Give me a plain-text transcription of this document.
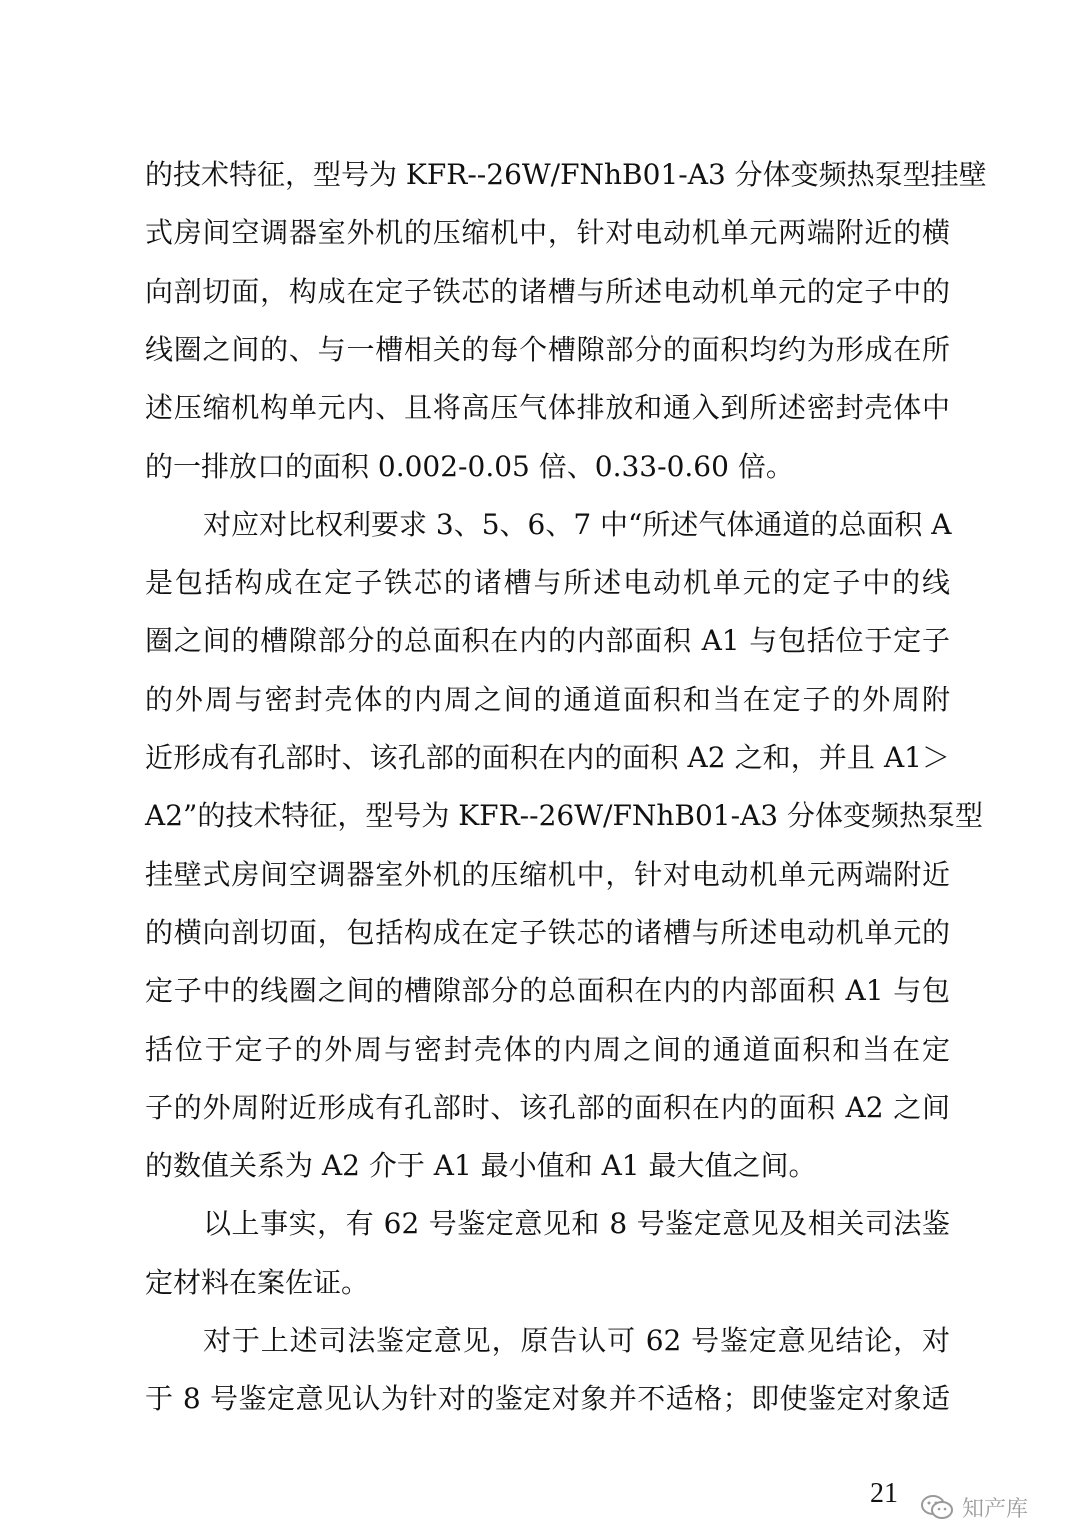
的技术特征，型号为 KFR--26W/FNhB01-A3 分体变频热泵型挂壁
式房间空调器室外机的压缩机中，针对电动机单元两端附近的横
向剖切面，构成在定子铁芯的诸槽与所述电动机单元的定子中的
线圈之间的、与一槽相关的每个槽隙部分的面积均约为形成在所
述压缩机构单元内、且将高压气体排放和通入到所述密封壳体中
的一排放口的面积 0.002-0.05 倍、0.33-0.60 倍。
对应对比权利要求 3、5、6、7 中“所述气体通道的总面积 A
是包括构成在定子铁芯的诸槽与所述电动机单元的定子中的线
圈之间的槽隙部分的总面积在内的内部面积 A1 与包括位于定子
的外周与密封壳体的内周之间的通道面积和当在定子的外周附
近形成有孔部时、该孔部的面积在内的面积 A2 之和，并且 A1＞
A2”的技术特征，型号为 KFR--26W/FNhB01-A3 分体变频热泵型
挂壁式房间空调器室外机的压缩机中，针对电动机单元两端附近
的横向剖切面，包括构成在定子铁芯的诸槽与所述电动机单元的
定子中的线圈之间的槽隙部分的总面积在内的内部面积 A1 与包
括位于定子的外周与密封壳体的内周之间的通道面积和当在定
子的外周附近形成有孔部时、该孔部的面积在内的面积 A2 之间
的数值关系为 A2 介于 A1 最小值和 A1 最大值之间。
以上事实，有 62 号鉴定意见和 8 号鉴定意见及相关司法鉴
定材料在案佐证。
对于上述司法鉴定意见，原告认可 62 号鉴定意见结论，对
于 8 号鉴定意见认为针对的鉴定对象并不适格；即使鉴定对象适
21	知产库
